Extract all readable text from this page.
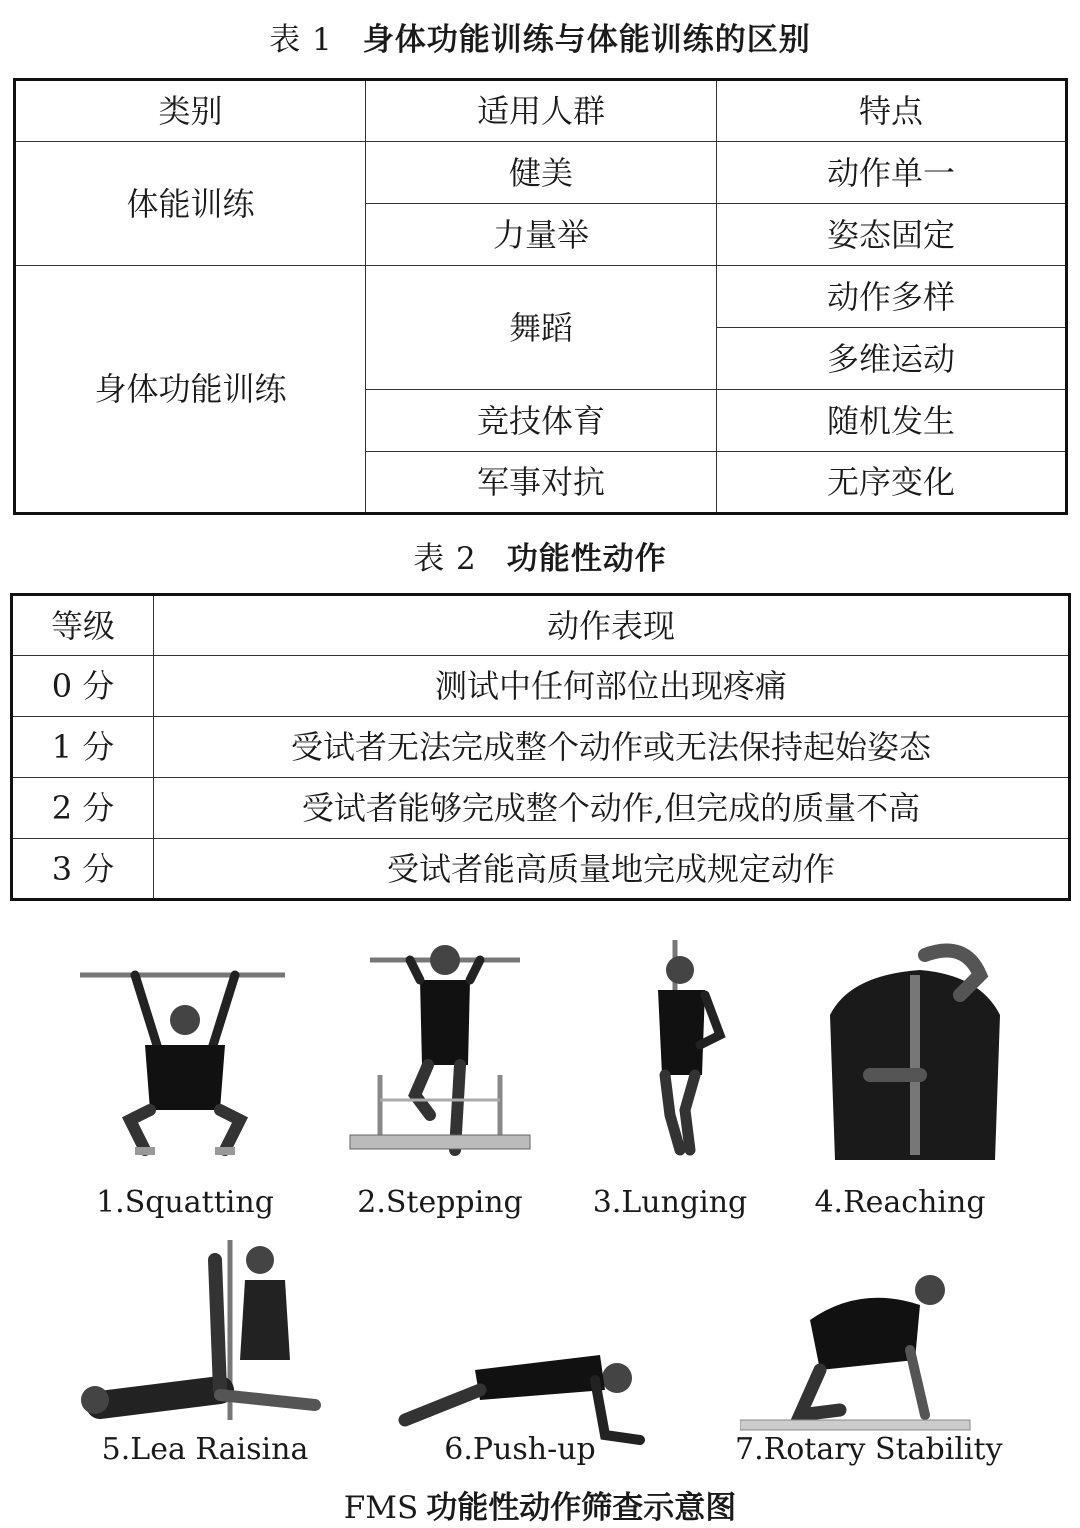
表 1 身体功能训练与体能训练的区别
类别	适用人群	特点
体能训练	健美	动作单一
	力量举	姿态固定
身体功能训练	舞蹈	动作多样
		多维运动
	竞技体育	随机发生
	军事对抗	无序变化
表 2 功能性动作
等级	动作表现
0 分	测试中任何部位出现疼痛
1 分	受试者无法完成整个动作或无法保持起始姿态
2 分	受试者能够完成整个动作,但完成的质量不高
3 分	受试者能高质量地完成规定动作
1.Squatting	2.Stepping	3.Lunging	4.Reaching
5.Lea Raisina	6.Push-up	7.Rotary Stability
FMS 功能性动作筛查示意图
